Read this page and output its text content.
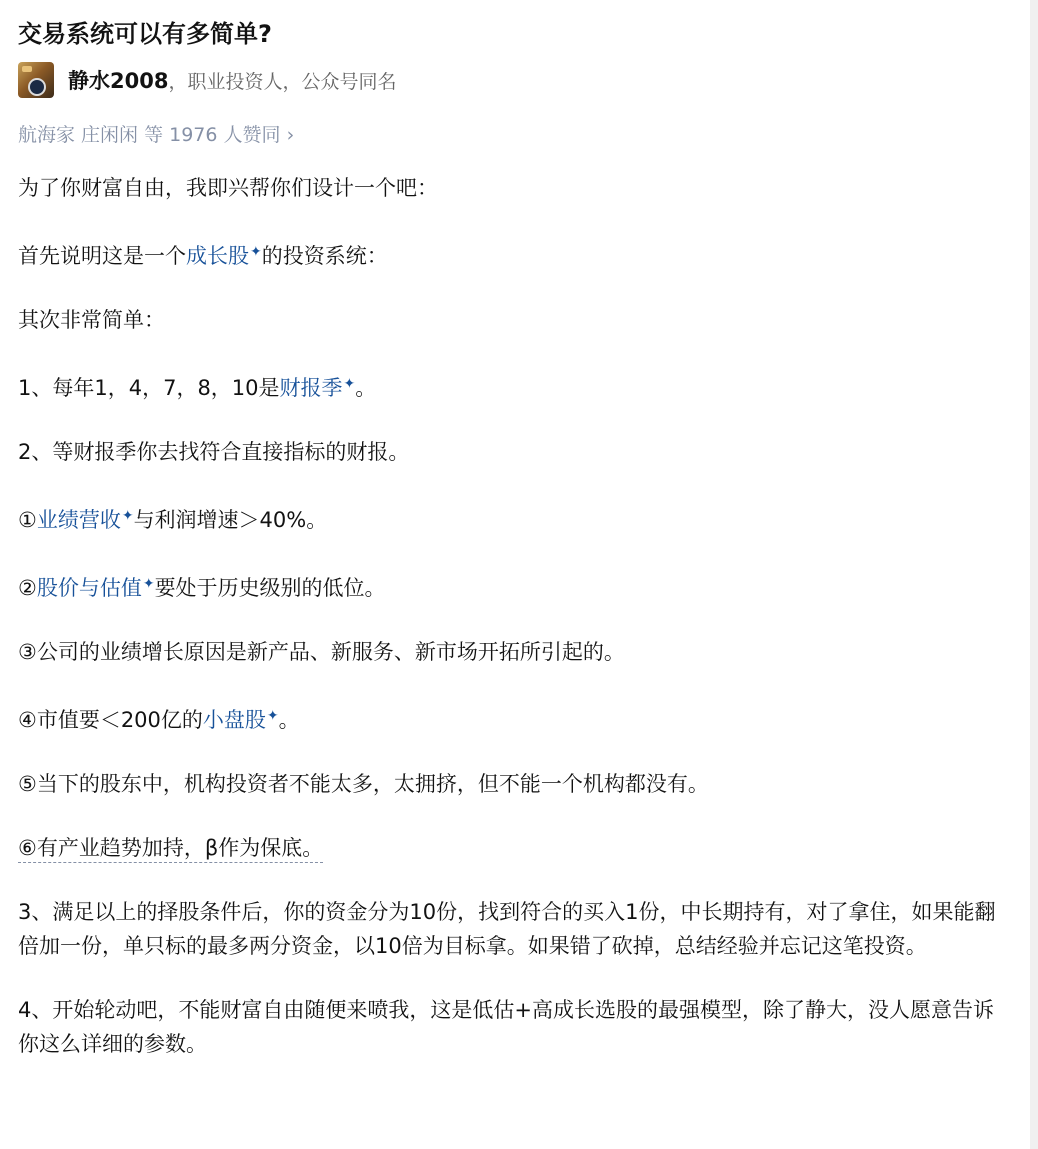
交易系统可以有多简单?
静水2008 ，职业投资人，公众号同名
航海家 庄闲闲 等 1976 人赞同 ›

为了你财富自由，我即兴帮你们设计一个吧：

首先说明这是一个成长股✦的投资系统：

其次非常简单：

1、每年1，4，7，8，10是财报季✦。

2、等财报季你去找符合直接指标的财报。

①业绩营收✦与利润增速＞40%。

②股价与估值✦要处于历史级别的低位。

③公司的业绩增长原因是新产品、新服务、新市场开拓所引起的。

④市值要＜200亿的小盘股✦。

⑤当下的股东中，机构投资者不能太多，太拥挤，但不能一个机构都没有。

⑥有产业趋势加持，β作为保底。

3、满足以上的择股条件后，你的资金分为10份，找到符合的买入1份，中长期持有，对了拿住，如果能翻倍加一份，单只标的最多两分资金，以10倍为目标拿。如果错了砍掉，总结经验并忘记这笔投资。

4、开始轮动吧，不能财富自由随便来喷我，这是低估+高成长选股的最强模型，除了静大，没人愿意告诉你这么详细的参数。
